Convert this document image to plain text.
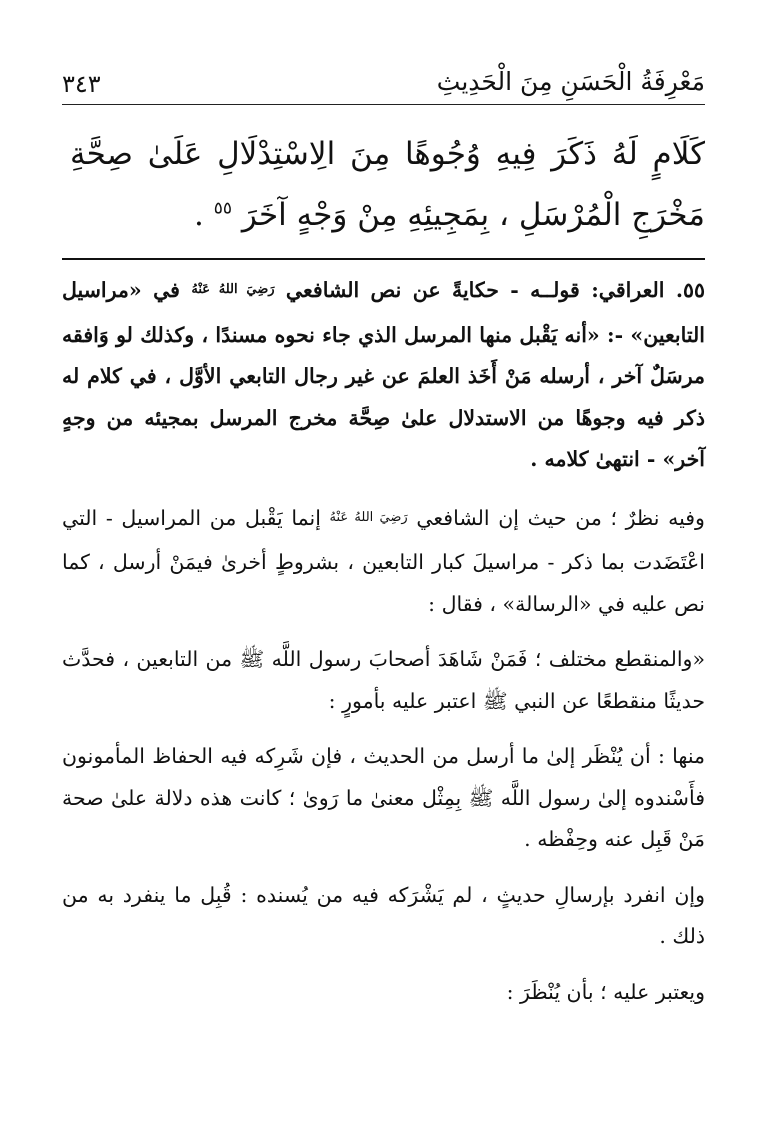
مَعْرِفَةُ الْحَسَنِ مِنَ الْحَدِيثِ
٣٤٣
كَلَامٍ لَهُ ذَكَرَ فِيهِ وُجُوهًا مِنَ الِاسْتِدْلَالِ عَلَىٰ صِحَّةِ مَخْرَجِ الْمُرْسَلِ ، بِمَجِيئِهِ مِنْ وَجْهٍ آخَرَ $^{٥٥}$ .

٥٥. العراقي: قولــه - حكايةً عن نص الشافعي رَضِيَ اللهُ عَنْهُ في «مراسيل التابعين» -: «أنه يَقْبل منها المرسل الذي جاء نحوه مسندًا ، وكذلك لو وَافقه مرسَلٌ آخر ، أرسله مَنْ أَخَذ العلمَ عن غير رجال التابعي الأوَّل ، في كلام له ذكر فيه وجوهًا من الاستدلال علىٰ صِحَّة مخرج المرسل بمجيئه من وجهٍ آخر» - انتهىٰ كلامه .

وفيه نظرٌ ؛ من حيث إن الشافعي رَضِيَ اللهُ عَنْهُ إنما يَقْبل من المراسيل - التي اعْتَضَدت بما ذكر - مراسيلَ كبار التابعين ، بشروطٍ أخرىٰ فيمَنْ أرسل ، كما نص عليه في «الرسالة» ، فقال :

«والمنقطع مختلف ؛ فَمَنْ شَاهَدَ أصحابَ رسول اللَّه ﷺ من التابعين ، فحدَّث حديثًا منقطعًا عن النبي ﷺ اعتبر عليه بأمورٍ :

منها : أن يُنْظَر إلىٰ ما أرسل من الحديث ، فإن شَرِكه فيه الحفاظ المأمونون فأَسْندوه إلىٰ رسول اللَّه ﷺ بِمِثْل معنىٰ ما رَوىٰ ؛ كانت هذه دلالة علىٰ صحة مَنْ قَبِل عنه وحِفْظه .

وإن انفرد بإرسالِ حديثٍ ، لم يَشْرَكه فيه من يُسنده : قُبِل ما ينفرد به من ذلك .

ويعتبر عليه ؛ بأن يُنْظَرَ :
